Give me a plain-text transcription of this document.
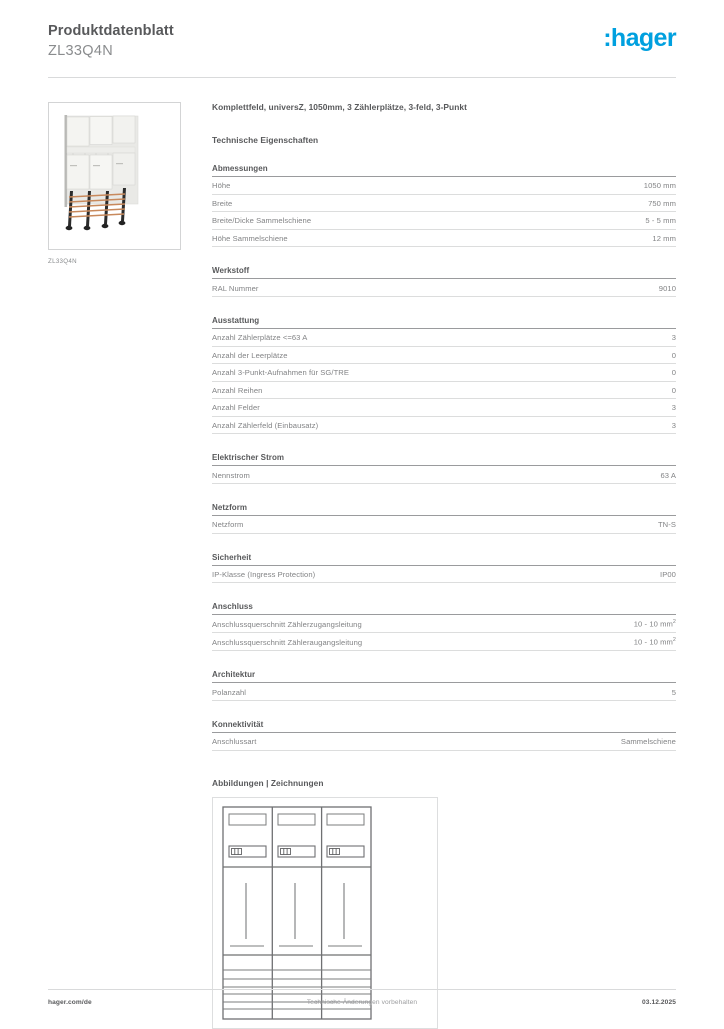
Produktdatenblatt
ZL33Q4N	:hager
ZL33Q4N
Komplettfeld, universZ, 1050mm, 3 Zählerplätze, 3-feld, 3-Punkt
Technische Eigenschaften
Abmessungen
Höhe	1050 mm
Breite	750 mm
Breite/Dicke Sammelschiene	5 - 5 mm
Höhe Sammelschiene	12 mm
Werkstoff
RAL Nummer	9010
Ausstattung
Anzahl Zählerplätze <=63 A	3
Anzahl der Leerplätze	0
Anzahl 3-Punkt-Aufnahmen für SG/TRE	0
Anzahl Reihen	0
Anzahl Felder	3
Anzahl Zählerfeld (Einbausatz)	3
Elektrischer Strom
Nennstrom	63 A
Netzform
Netzform	TN-S
Sicherheit
IP-Klasse (Ingress Protection)	IP00
Anschluss
Anschlussquerschnitt Zählerzugangsleitung	10 - 10 $mm^2$
Anschlussquerschnitt Zähleraugangsleitung	10 - 10 $mm^2$
Architektur
Polanzahl	5
Konnektivität
Anschlussart	Sammelschiene
Abbildungen | Zeichnungen
hager.com/de	Technische Änderungen vorbehalten	03.12.2025
